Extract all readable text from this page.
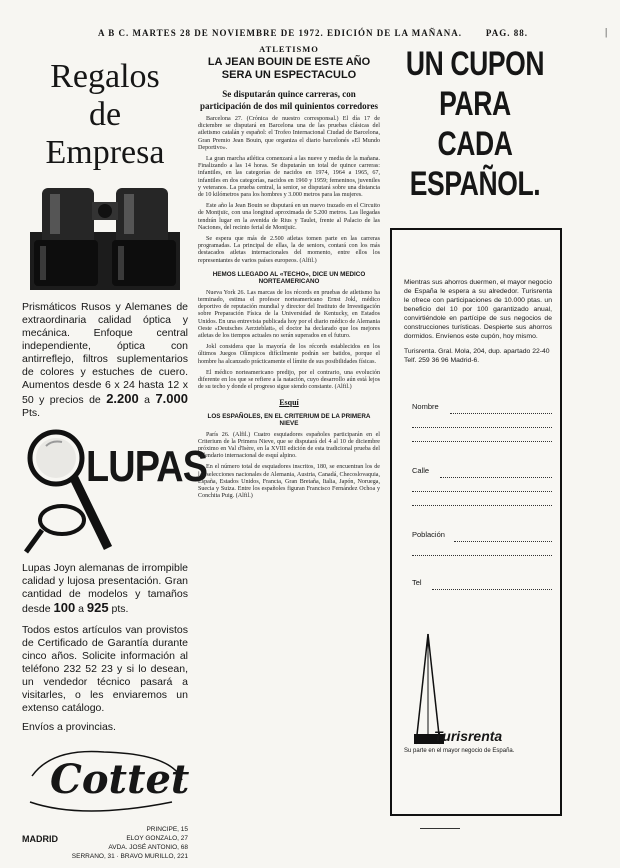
A B C. MARTES 28 DE NOVIEMBRE DE 1972. EDICIÓN DE LA MAÑANA.	PAG. 88.	|
Regalos
de
Empresa
Prismáticos Rusos y Alemanes de extraordinaria calidad óptica y mecánica. Enfoque central independiente, óptica con antirreflejo, filtros suplementarios de colores y estuches de cuero. Aumentos desde 6 x 24 hasta 12 x 50 y precios de 2.200 a 7.000 Pts.
LUPAS
Lupas Joyn alemanas de irrompible calidad y lujosa presentación. Gran cantidad de modelos y tamaños desde 100 a 925 pts.
Todos estos artículos van provistos de Certificado de Garantía durante cinco años. Solicite información al teléfono 232 52 23 y si lo desean, un vendedor técnico pasará a visitarles, o les enviaremos un extenso catálogo.
Envíos a provincias.
Cottet
MADRID
PRINCIPE, 15
ELOY GONZALO, 27
AVDA. JOSÉ ANTONIO, 68
SERRANO, 31 · BRAVO MURILLO, 221
ATLETISMO
LA JEAN BOUIN DE ESTE AÑO SERA UN ESPECTACULO
Se disputarán quince carreras, con participación de dos mil quinientos corredores

Barcelona 27. (Crónica de nuestro corresponsal.) El día 17 de diciembre se disputará en Barcelona una de las pruebas clásicas del atletismo catalán y español: el Trofeo Internacional Ciudad de Barcelona, Gran Premio Jean Bouin, que organiza el diario barcelonés «El Mundo Deportivo».

La gran marcha atlética comenzará a las nueve y media de la mañana. Finalizando a las 14 horas. Se disputarán un total de quince carreras: infantiles, en las categorías de nacidos en 1974, 1964 a 1965, 67, infantiles en dos categorías, nacidos en 1960 y 1959; femeninos, juveniles y veteranos. La prueba central, la senior, se disputará sobre una distancia de 10 kilómetros para los hombres y 3.000 metros para las mujeres.

Este año la Jean Bouin se disputará en un nuevo trazado en el Circuito de Montjuïc, con una longitud aproximada de 5.200 metros. Las llegadas tendrán lugar en la avenida de Rius y Taulet, frente al Palacio de las Naciones, del recinto ferial de Montjuïc.

Se espera que más de 2.500 atletas tomen parte en las carreras programadas. La principal de ellas, la de seniors, contará con los más destacados atletas internacionales del momento, entre ellos los representantes de varios países europeos. (Alfil.)

HEMOS LLEGADO AL «TECHO», DICE UN MEDICO NORTEAMERICANO

Nueva York 26. Las marcas de los récords en pruebas de atletismo ha terminado, estima el profesor norteamericano Ernst Jokl, médico deportivo de reputación mundial y director del Instituto de Investigación sobre Preparación Física de la Universidad de Kentucky, en Estados Unidos. En una entrevista publicada hoy por el diario médico de Alemania Oeste «Deutsches Aerzteblatt», el doctor ha declarado que los mejores atletas de los tiempos actuales no serán superados en el futuro.

Jokl considera que la mayoría de los récords establecidos en los últimos Juegos Olímpicos difícilmente podrán ser batidos, porque el hombre ha alcanzado prácticamente el límite de sus posibilidades físicas.

El médico norteamericano predijo, por el contrario, una evolución diferente en los que se refiere a la natación, cuyo desarrollo aún está lejos de su techo y donde el progreso sigue siendo constante. (Alfil.)

Esquí
LOS ESPAÑOLES, EN EL CRITERIUM DE LA PRIMERA NIEVE

París 26. (Alfil.) Cuatro esquiadores españoles participarán en el Criterium de la Primera Nieve, que se disputará del 4 al 10 de diciembre próximo en Val d'Isère, en la XVIII edición de esta tradicional prueba del calendario internacional de esquí alpino.

En el número total de esquiadores inscritos, 180, se encuentran los de las selecciones nacionales de Alemania, Austria, Canadá, Checoslovaquia, España, Estados Unidos, Francia, Gran Bretaña, Italia, Japón, Noruega, Suecia y Suiza. Entre los españoles figuran Francisco Fernández Ochoa y Conchita Puig. (Alfil.)

UN CUPON
PARA CADA
ESPAÑOL.
Mientras sus ahorros duermen, el mayor negocio de España le espera a su alrededor. Turisrenta le ofrece con participaciones de 10.000 ptas. un beneficio del 10 por 100 garantizado anual, convirtiéndole en partícipe de sus negocios de construcciones turísticas. Despierte sus ahorros dormidos. Envíenos este cupón, hoy mismo.
Turisrenta. Gral. Mola, 204, dup. apartado 22-40 Telf. 259 36 96 Madrid-6.
Nombre
Calle
Población
Tel
Turisrenta
Su parte en el mayor negocio de España.
